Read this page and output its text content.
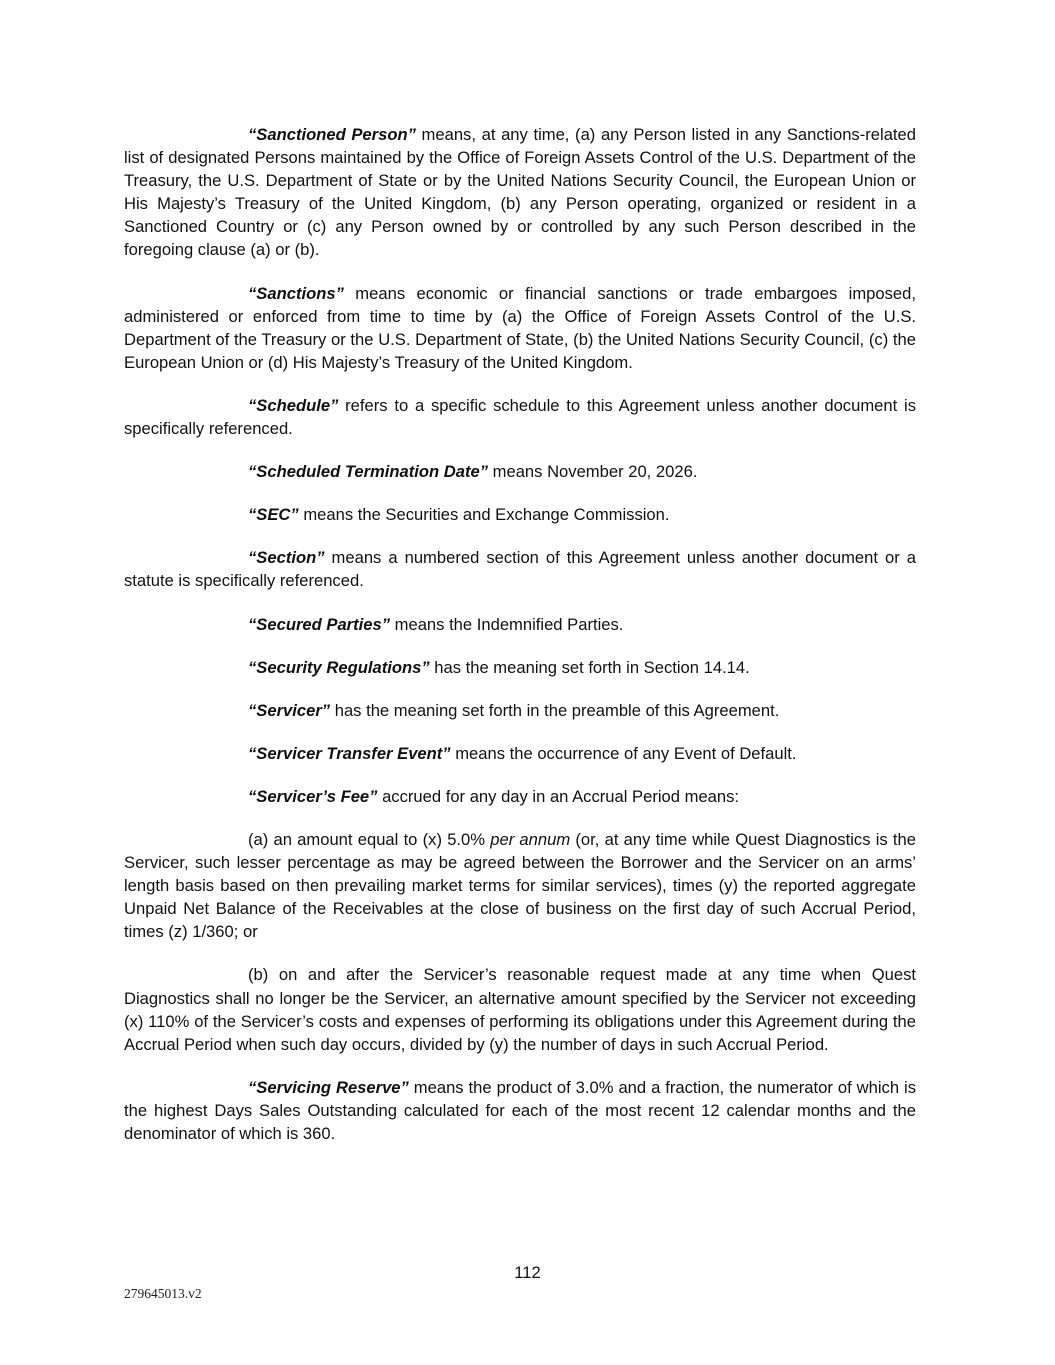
“Sanctioned Person” means, at any time, (a) any Person listed in any Sanctions-related list of designated Persons maintained by the Office of Foreign Assets Control of the U.S. Department of the Treasury, the U.S. Department of State or by the United Nations Security Council, the European Union or His Majesty’s Treasury of the United Kingdom, (b) any Person operating, organized or resident in a Sanctioned Country or (c) any Person owned by or controlled by any such Person described in the foregoing clause (a) or (b).

“Sanctions” means economic or financial sanctions or trade embargoes imposed, administered or enforced from time to time by (a) the Office of Foreign Assets Control of the U.S. Department of the Treasury or the U.S. Department of State, (b) the United Nations Security Council, (c) the European Union or (d) His Majesty’s Treasury of the United Kingdom.

“Schedule” refers to a specific schedule to this Agreement unless another document is specifically referenced.

“Scheduled Termination Date” means November 20, 2026.

“SEC” means the Securities and Exchange Commission.

“Section” means a numbered section of this Agreement unless another document or a statute is specifically referenced.

“Secured Parties” means the Indemnified Parties.

“Security Regulations” has the meaning set forth in Section 14.14.

“Servicer” has the meaning set forth in the preamble of this Agreement.

“Servicer Transfer Event” means the occurrence of any Event of Default.

“Servicer’s Fee” accrued for any day in an Accrual Period means:

(a) an amount equal to (x) 5.0% per annum (or, at any time while Quest Diagnostics is the Servicer, such lesser percentage as may be agreed between the Borrower and the Servicer on an arms’ length basis based on then prevailing market terms for similar services), times (y) the reported aggregate Unpaid Net Balance of the Receivables at the close of business on the first day of such Accrual Period, times (z) 1/360; or

(b) on and after the Servicer’s reasonable request made at any time when Quest Diagnostics shall no longer be the Servicer, an alternative amount specified by the Servicer not exceeding (x) 110% of the Servicer’s costs and expenses of performing its obligations under this Agreement during the Accrual Period when such day occurs, divided by (y) the number of days in such Accrual Period.

“Servicing Reserve” means the product of 3.0% and a fraction, the numerator of which is the highest Days Sales Outstanding calculated for each of the most recent 12 calendar months and the denominator of which is 360.

112
279645013.v2
